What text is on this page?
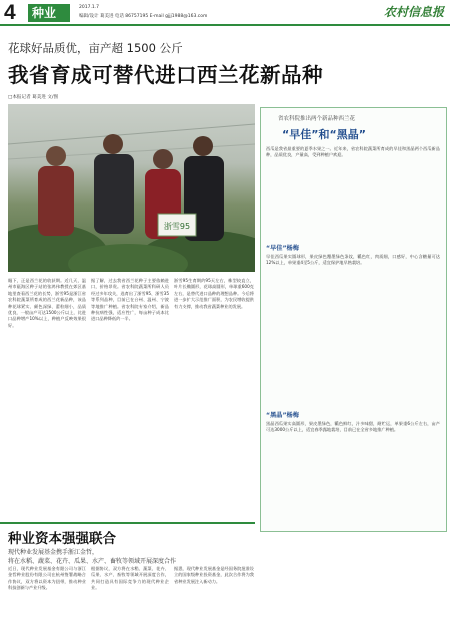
4 种业	2017.1.7
编辑/设计 葛美进 电话 86757195 E-mail gjjj1988@163.com	农村信息报
花球好品质优，亩产超 1500 公斤
我省育成可替代进口西兰花新品种
□本报记者 葛美进 文/图
浙雪95
眼下，正是西兰花的收获期。近几天，温州市瓯海区种子站的张鸿伟教授在郊区基地里查看西兰花的长势，浙雪95是浙江省农科院蔬菜所育成的西兰花新品种，该品种花球紧实、颜色深绿、蕾粒细小，品质优良，一般亩产可达1500公斤以上，比进口品种增产10%以上，种植户反映效果很好。
据了解，过去我省西兰花种子主要依赖进口，价格昂贵。省农科院蔬菜所科研人员经过多年攻关，选育出了浙雪95、浙雪35等系列品种，目前已在台州、温州、宁波等地推广种植。省农科院专家介绍，新品种抗病性强，适应性广，每亩种子成本比进口品种降低约一半。
浙雪95生育期约95天左右，株型较直立，叶片长椭圆形，花球高圆形，单球重600克左右，是替代进口品种的理想品种。今后将进一步扩大示范推广面积，为农民增收提供有力支撑，推动我省蔬菜种业的发展。
省农科院推出两个新品种西兰花
“早佳”和“黑晶”
西瓜是我省最重要的夏季水果之一。近年来，省农科院蔬菜所育成的早佳和黑晶两个西瓜新品种，品质优良，产量高，受到种植户欢迎。
“早佳”杨梅
早佳西瓜果实圆球形，果皮绿色覆墨绿色条纹，瓤色红，肉质细，口感好，中心含糖量可达12%以上，单果重4至5公斤，适宜保护地早熟栽培。
“黑晶”杨梅
黑晶西瓜果实高圆形，果皮墨绿色，瓤色鲜红，汁多味甜，耐贮运，单果重6公斤左右，亩产可达3000公斤以上，适宜春季露地栽培，目前已在全省多地推广种植。
种业资本强强联合
现代种业发展基金携手浙江金哲，
将在水稻、蔬菜、花卉、瓜果、水产、畜牧等领域开展深度合作
近日，现代种业发展基金有限公司与浙江金哲种业股份有限公司在杭州签署战略合作协议，双方将以资本为纽带，推动种业科技创新与产业升级。
根据协议，双方将在水稻、蔬菜、花卉、瓜果、水产、畜牧等领域开展深度合作，共同打造具有国际竞争力的现代种业企业。
据悉，现代种业发展基金是经国务院批准设立的国家级种业投资基金，此次合作将为我省种业发展注入新动力。
